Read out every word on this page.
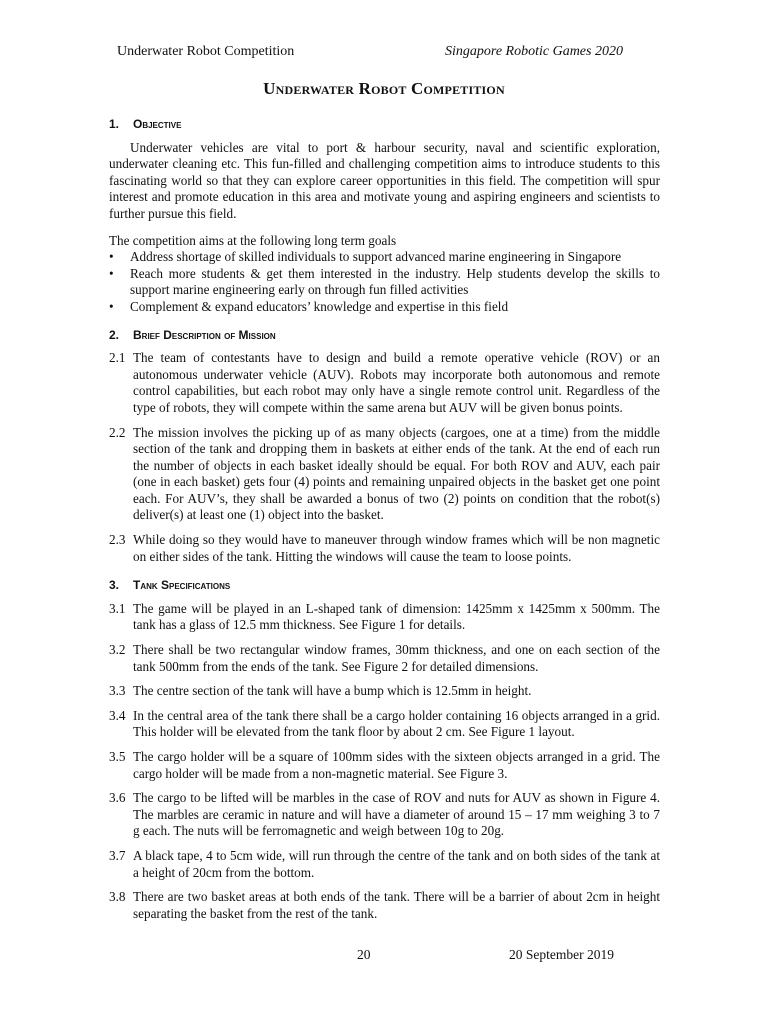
Underwater Robot Competition	Singapore Robotic Games 2020
Underwater Robot Competition
1.	Objective

Underwater vehicles are vital to port & harbour security, naval and scientific exploration, underwater cleaning etc. This fun-filled and challenging competition aims to introduce students to this fascinating world so that they can explore career opportunities in this field. The competition will spur interest and promote education in this area and motivate young and aspiring engineers and scientists to further pursue this field.

The competition aims at the following long term goals

• Address shortage of skilled individuals to support advanced marine engineering in Singapore
• Reach more students & get them interested in the industry. Help students develop the skills to support marine engineering early on through fun filled activities
• Complement & expand educators’ knowledge and expertise in this field
2.	Brief Description of Mission
2.1 The team of contestants have to design and build a remote operative vehicle (ROV) or an autonomous underwater vehicle (AUV). Robots may incorporate both autonomous and remote control capabilities, but each robot may only have a single remote control unit. Regardless of the type of robots, they will compete within the same arena but AUV will be given bonus points.
2.2 The mission involves the picking up of as many objects (cargoes, one at a time) from the middle section of the tank and dropping them in baskets at either ends of the tank. At the end of each run the number of objects in each basket ideally should be equal. For both ROV and AUV, each pair (one in each basket) gets four (4) points and remaining unpaired objects in the basket get one point each. For AUV’s, they shall be awarded a bonus of two (2) points on condition that the robot(s) deliver(s) at least one (1) object into the basket.
2.3 While doing so they would have to maneuver through window frames which will be non magnetic on either sides of the tank. Hitting the windows will cause the team to loose points.
3.	Tank Specifications
3.1 The game will be played in an L-shaped tank of dimension: 1425mm x 1425mm x 500mm. The tank has a glass of 12.5 mm thickness. See Figure 1 for details.
3.2 There shall be two rectangular window frames, 30mm thickness, and one on each section of the tank 500mm from the ends of the tank. See Figure 2 for detailed dimensions.
3.3 The centre section of the tank will have a bump which is 12.5mm in height.
3.4 In the central area of the tank there shall be a cargo holder containing 16 objects arranged in a grid. This holder will be elevated from the tank floor by about 2 cm. See Figure 1 layout.
3.5 The cargo holder will be a square of 100mm sides with the sixteen objects arranged in a grid. The cargo holder will be made from a non-magnetic material. See Figure 3.
3.6 The cargo to be lifted will be marbles in the case of ROV and nuts for AUV as shown in Figure 4. The marbles are ceramic in nature and will have a diameter of around 15 – 17 mm weighing 3 to 7 g each. The nuts will be ferromagnetic and weigh between 10g to 20g.
3.7 A black tape, 4 to 5cm wide, will run through the centre of the tank and on both sides of the tank at a height of 20cm from the bottom.
3.8 There are two basket areas at both ends of the tank. There will be a barrier of about 2cm in height separating the basket from the rest of the tank.
20	20 September 2019
